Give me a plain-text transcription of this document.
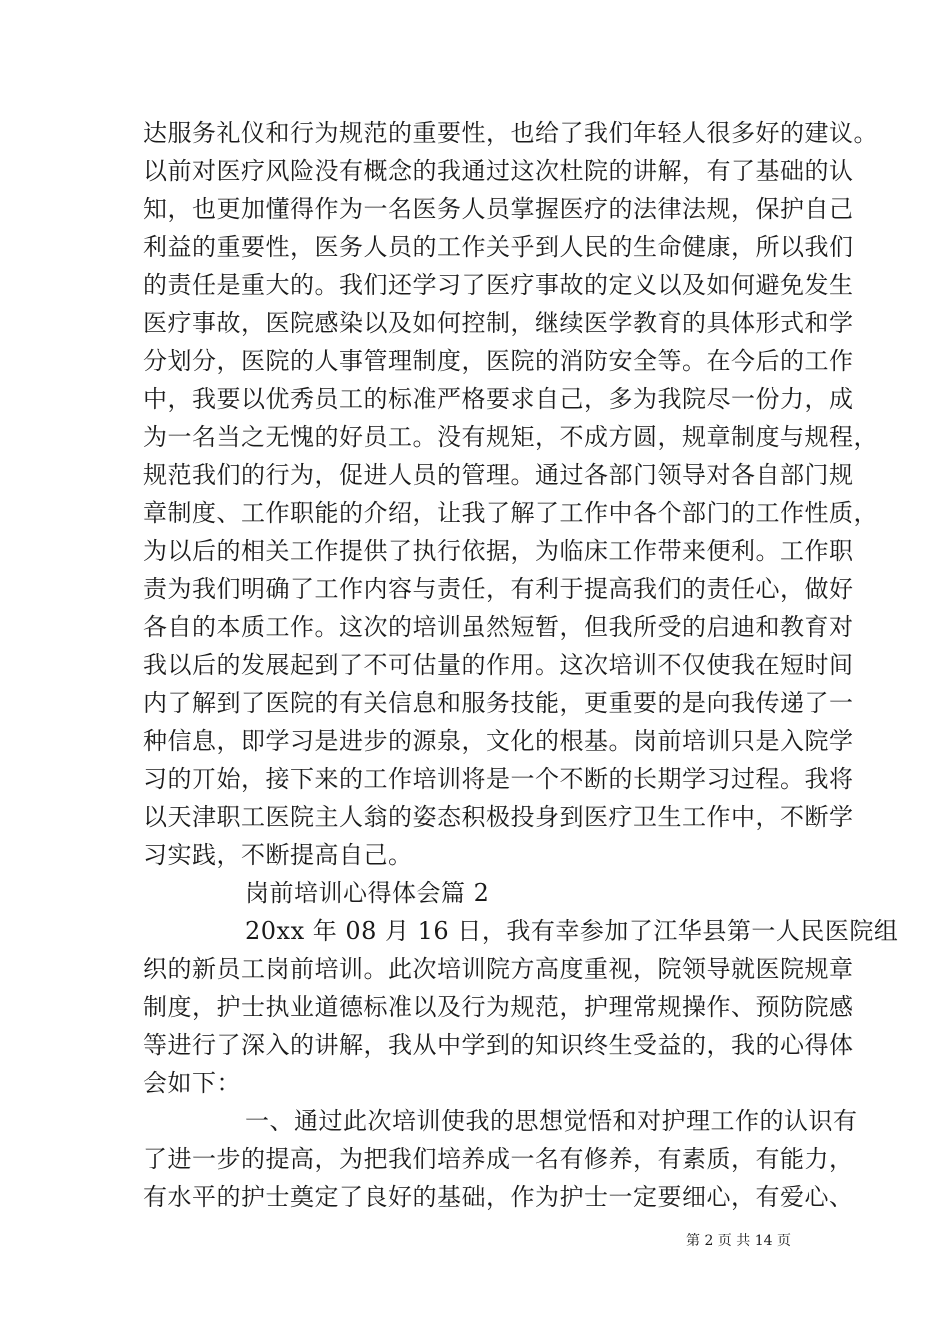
达服务礼仪和行为规范的重要性，也给了我们年轻人很多好的建议。
以前对医疗风险没有概念的我通过这次杜院的讲解，有了基础的认
知，也更加懂得作为一名医务人员掌握医疗的法律法规，保护自己
利益的重要性，医务人员的工作关乎到人民的生命健康，所以我们
的责任是重大的。我们还学习了医疗事故的定义以及如何避免发生
医疗事故，医院感染以及如何控制，继续医学教育的具体形式和学
分划分，医院的人事管理制度，医院的消防安全等。在今后的工作
中，我要以优秀员工的标准严格要求自己，多为我院尽一份力，成
为一名当之无愧的好员工。没有规矩，不成方圆，规章制度与规程，
规范我们的行为，促进人员的管理。通过各部门领导对各自部门规
章制度、工作职能的介绍，让我了解了工作中各个部门的工作性质，
为以后的相关工作提供了执行依据，为临床工作带来便利。工作职
责为我们明确了工作内容与责任，有利于提高我们的责任心，做好
各自的本质工作。这次的培训虽然短暂，但我所受的启迪和教育对
我以后的发展起到了不可估量的作用。这次培训不仅使我在短时间
内了解到了医院的有关信息和服务技能，更重要的是向我传递了一
种信息，即学习是进步的源泉，文化的根基。岗前培训只是入院学
习的丌始，接下来的工作培训将是一个不断的长期学习过程。我将
以天津职工医院主人翁的姿态积极投身到医疗卫生工作中，不断学
习实践，不断提高自己。
岗前培训心得体会篇 2
20xx 年 08 月 16 日，我有幸参加了江华县第一人民医院组
织的新员工岗前培训。此次培训院方高度重视，院领导就医院规章
制度，护士执业道德标准以及行为规范，护理常规操作、预防院感
等进行了深入的讲解，我从中学到的知识终生受益的，我的心得体
会如下：
一、通过此次培训使我的思想觉悟和对护理工作的认识有
了进一步的提高，为把我们培养成一名有修养，有素质，有能力，
有水平的护士奠定了良好的基础，作为护士一定要细心，有爱心、
第 2 页 共 14 页
